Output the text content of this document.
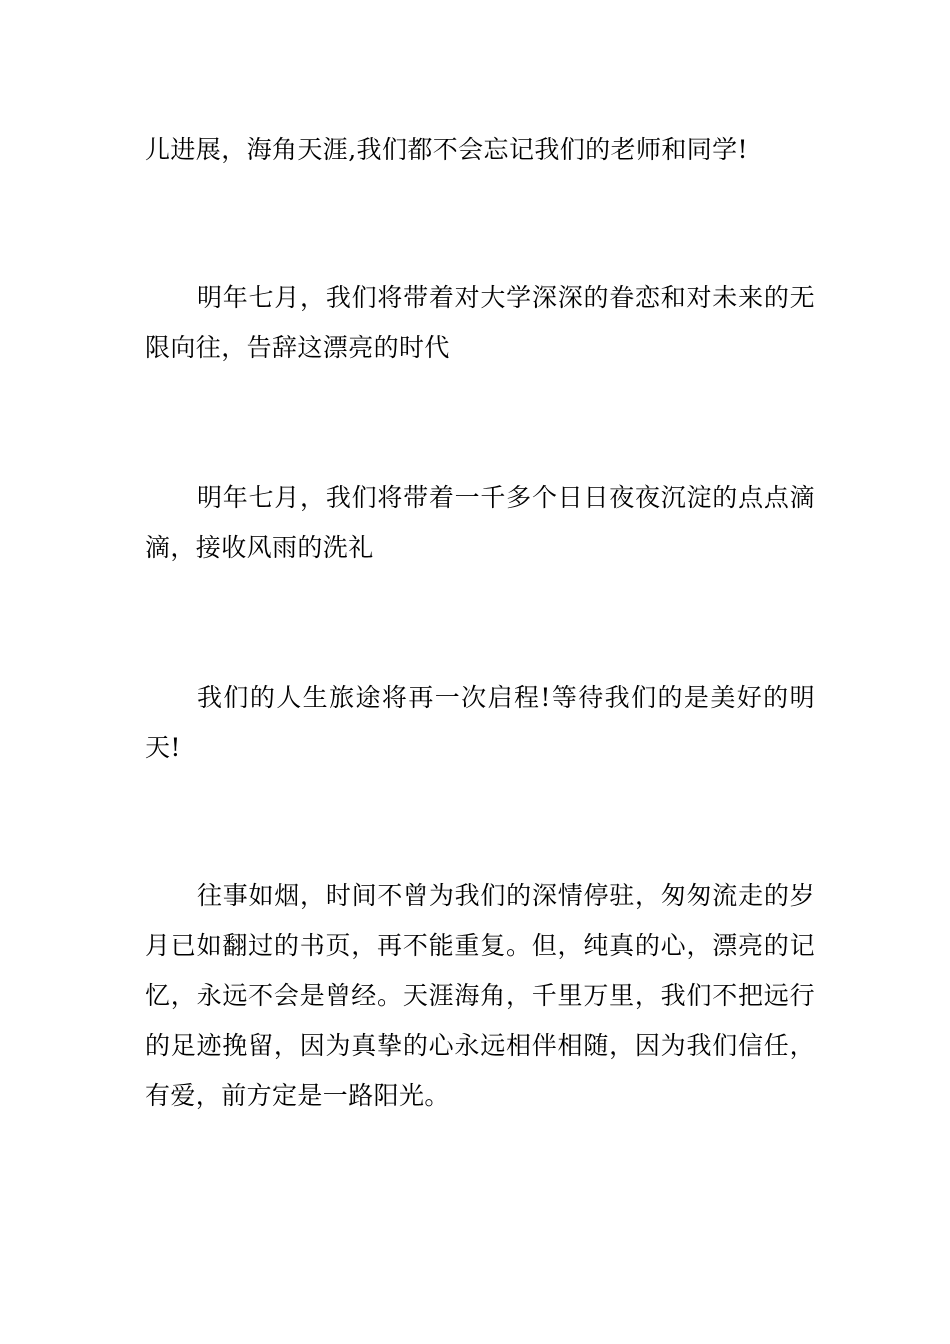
儿进展，海角天涯,我们都不会忘记我们的老师和同学!

明年七月，我们将带着对大学深深的眷恋和对未来的无限向往，告辞这漂亮的时代

明年七月，我们将带着一千多个日日夜夜沉淀的点点滴滴，接收风雨的洗礼

我们的人生旅途将再一次启程!等待我们的是美好的明天!

往事如烟，时间不曾为我们的深情停驻，匆匆流走的岁月已如翻过的书页，再不能重复。但，纯真的心，漂亮的记忆，永远不会是曾经。天涯海角，千里万里，我们不把远行的足迹挽留，因为真挚的心永远相伴相随，因为我们信任，有爱，前方定是一路阳光。
